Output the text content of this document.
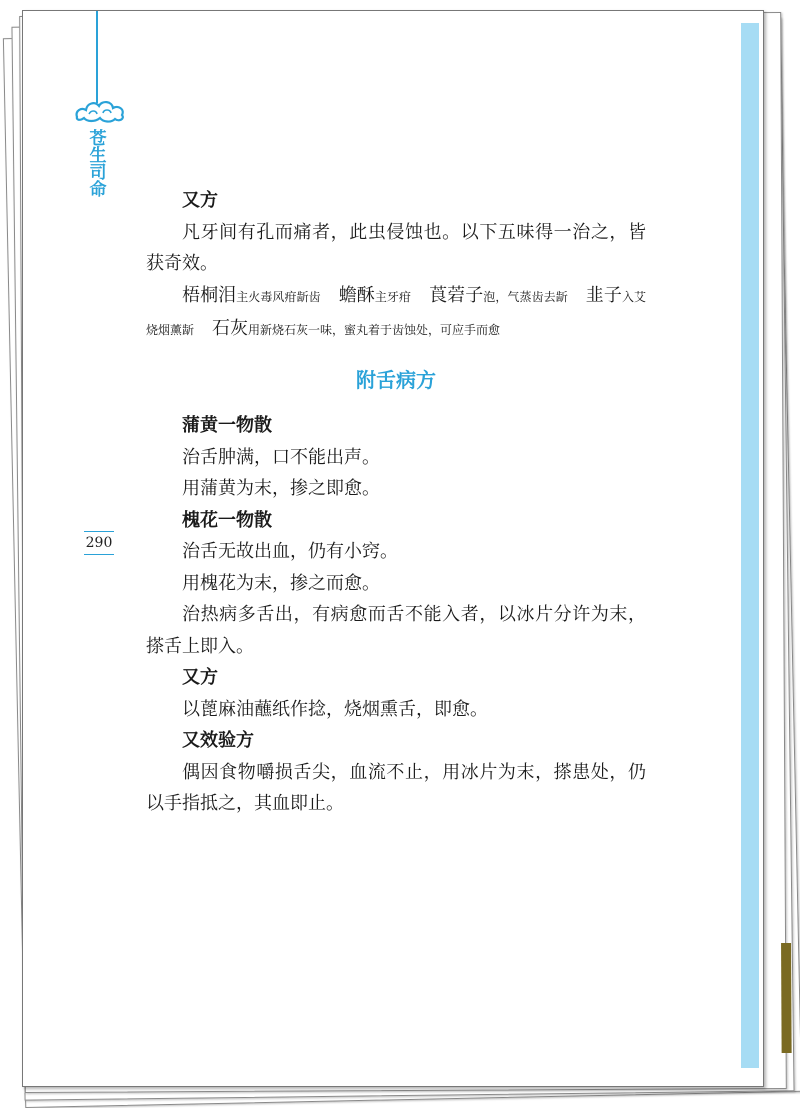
苍生司命
290

又方

凡牙间有孔而痛者，此虫侵蚀也。以下五味得一治之，皆获奇效。

梧桐泪主火毒风疳龂齿 蟾酥主牙疳 莨菪子泡，气蒸齿去龂 韭子入艾烧烟薰龂 石灰用新烧石灰一味，蜜丸着于齿蚀处，可应手而愈

附舌病方

蒲黄一物散

治舌肿满，口不能出声。

用蒲黄为末，掺之即愈。

槐花一物散

治舌无故出血，仍有小窍。

用槐花为末，掺之而愈。

治热病多舌出，有病愈而舌不能入者，以冰片分许为末，搽舌上即入。

又方

以蓖麻油蘸纸作捻，烧烟熏舌，即愈。

又效验方

偶因食物嚼损舌尖，血流不止，用冰片为末，搽患处，仍以手指抵之，其血即止。
